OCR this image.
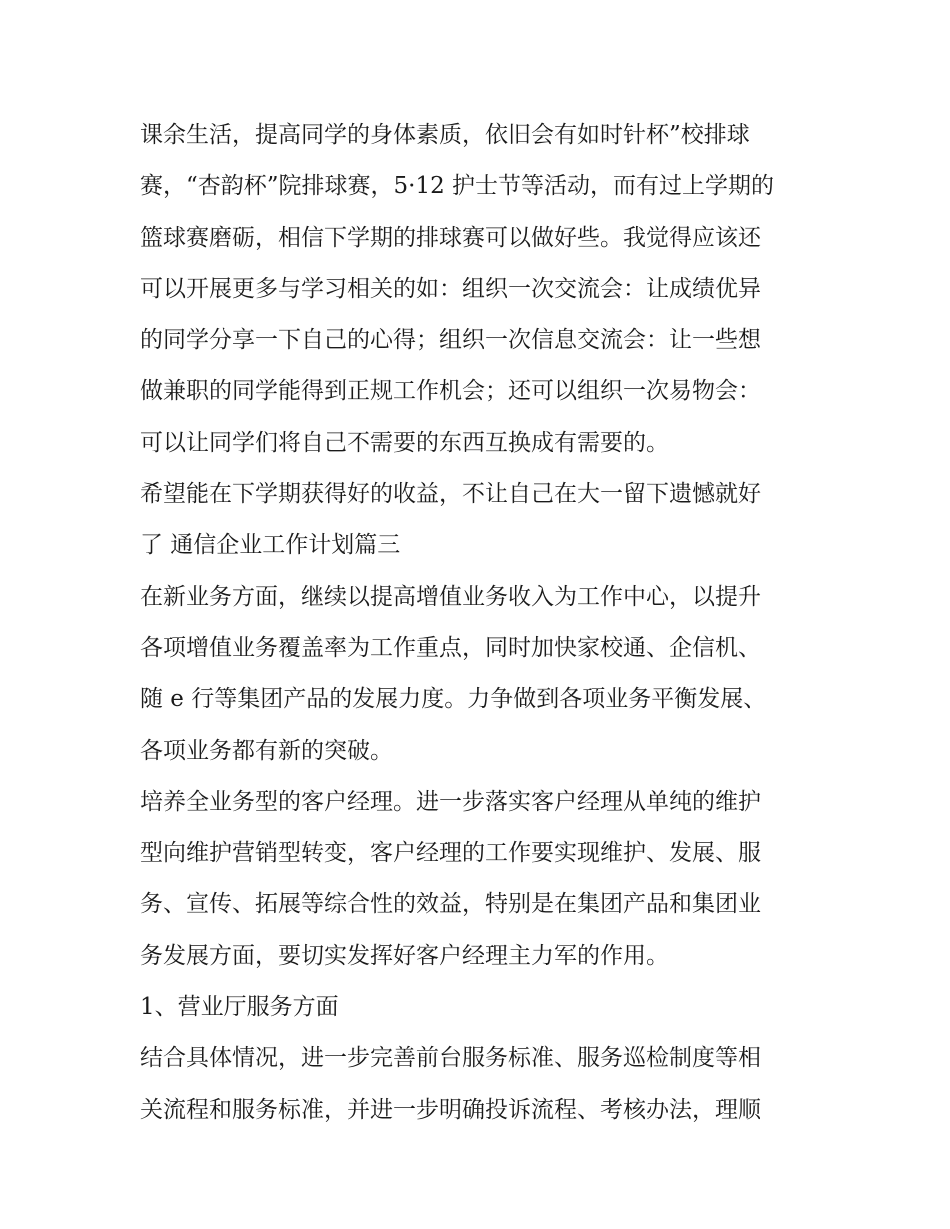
课余生活，提高同学的身体素质，依旧会有如时针杯”校排球
赛，“杏韵杯”院排球赛，5·12 护士节等活动，而有过上学期的
篮球赛磨砺，相信下学期的排球赛可以做好些。我觉得应该还
可以开展更多与学习相关的如：组织一次交流会：让成绩优异
的同学分享一下自己的心得；组织一次信息交流会：让一些想
做兼职的同学能得到正规工作机会；还可以组织一次易物会：
可以让同学们将自己不需要的东西互换成有需要的。
希望能在下学期获得好的收益，不让自己在大一留下遗憾就好
了 通信企业工作计划篇三
在新业务方面，继续以提高增值业务收入为工作中心，以提升
各项增值业务覆盖率为工作重点，同时加快家校通、企信机、
随 e 行等集团产品的发展力度。力争做到各项业务平衡发展、
各项业务都有新的突破。
培养全业务型的客户经理。进一步落实客户经理从单纯的维护
型向维护营销型转变，客户经理的工作要实现维护、发展、服
务、宣传、拓展等综合性的效益，特别是在集团产品和集团业
务发展方面，要切实发挥好客户经理主力军的作用。
1、营业厅服务方面
结合具体情况，进一步完善前台服务标准、服务巡检制度等相
关流程和服务标准，并进一步明确投诉流程、考核办法，理顺
